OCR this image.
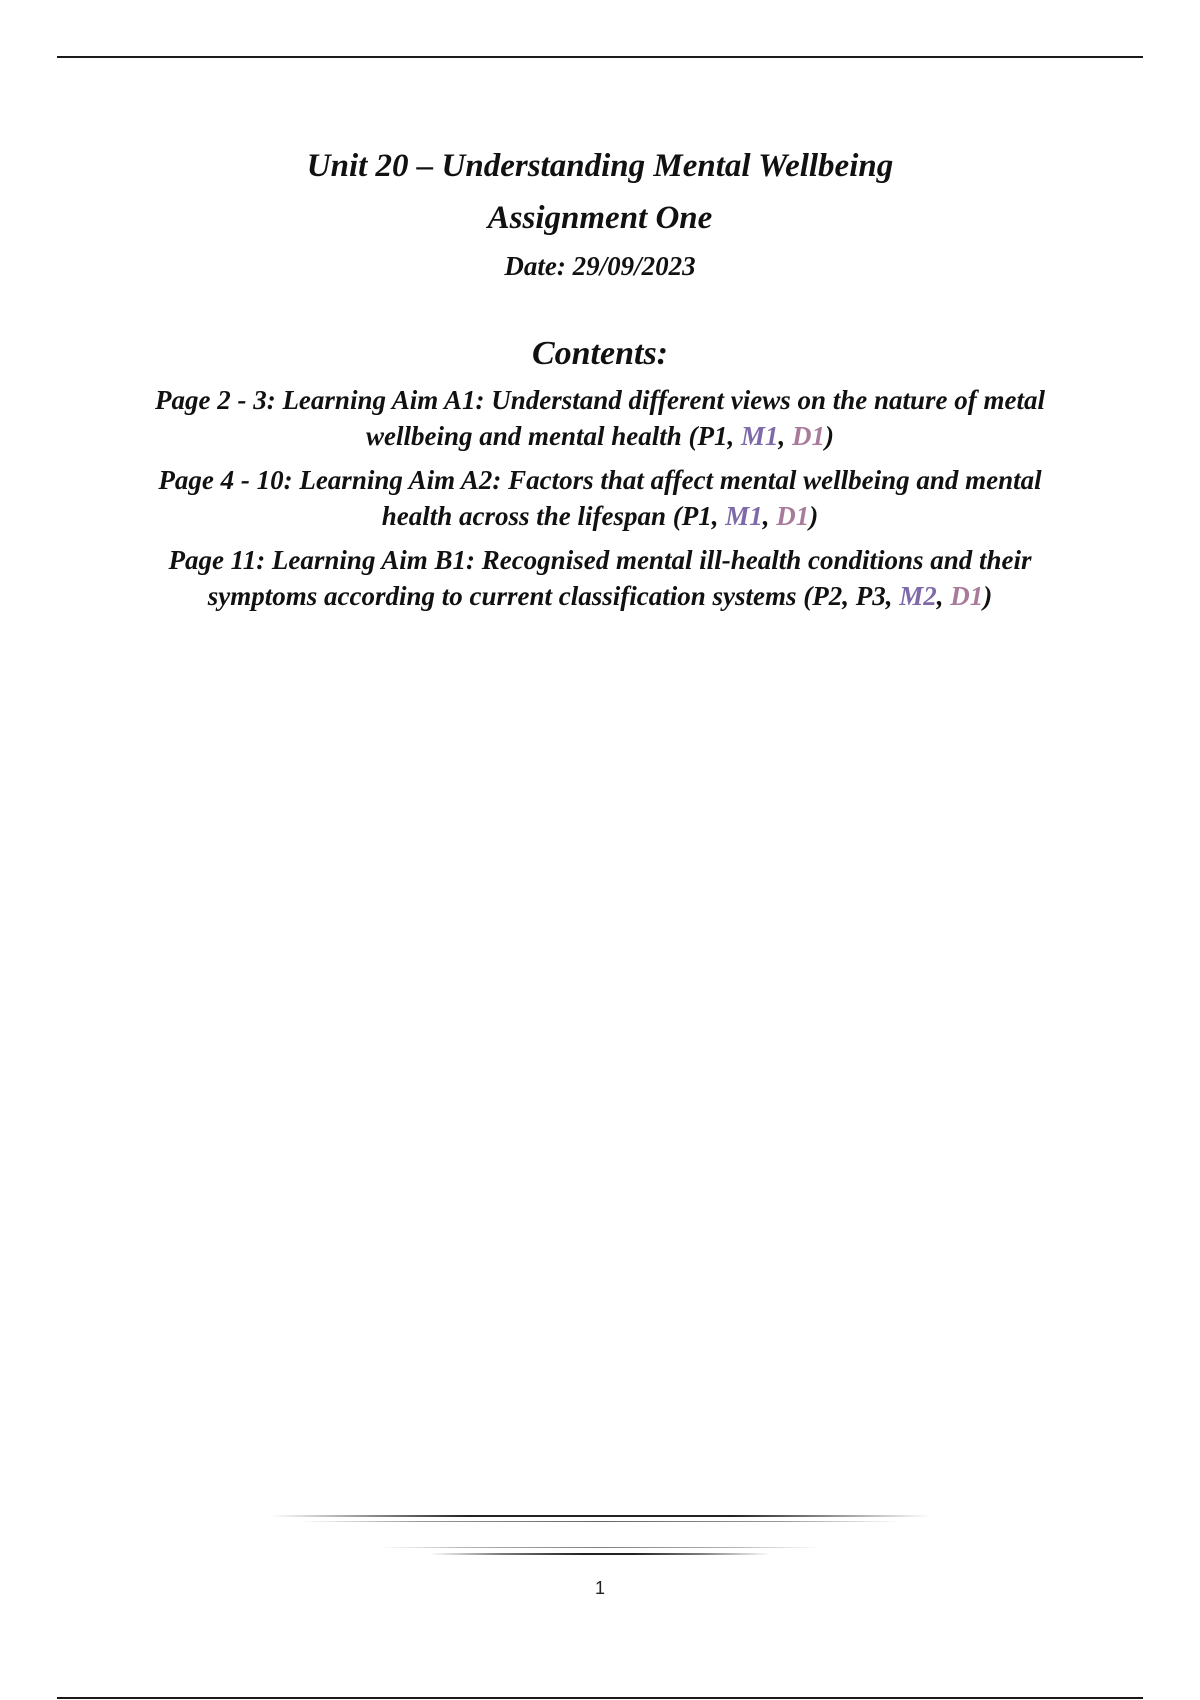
Unit 20 – Understanding Mental Wellbeing

Assignment One

Date: 29/09/2023

Contents:

Page 2 - 3: Learning Aim A1: Understand different views on the nature of metal wellbeing and mental health (P1, M1, D1)

Page 4 - 10: Learning Aim A2: Factors that affect mental wellbeing and mental health across the lifespan (P1, M1, D1)

Page 11: Learning Aim B1: Recognised mental ill-health conditions and their symptoms according to current classification systems (P2, P3, M2, D1)

1
